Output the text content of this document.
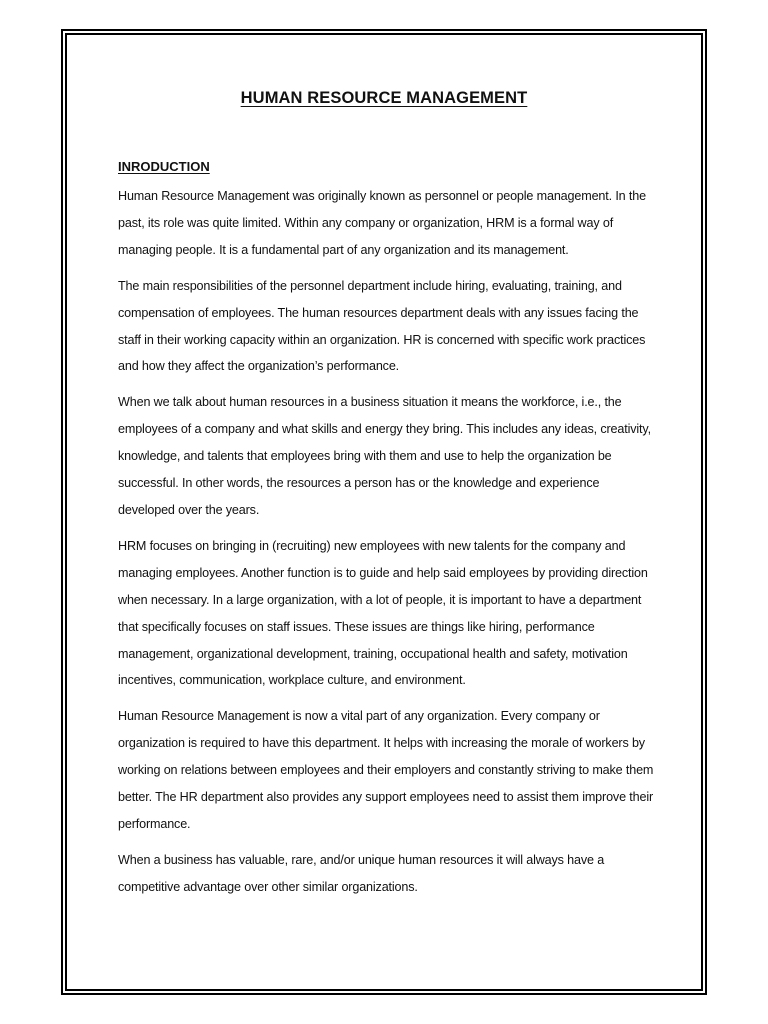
HUMAN RESOURCE MANAGEMENT
INRODUCTION

Human Resource Management was originally known as personnel or people management. In the past, its role was quite limited. Within any company or organization, HRM is a formal way of managing people. It is a fundamental part of any organization and its management.

The main responsibilities of the personnel department include hiring, evaluating, training, and compensation of employees. The human resources department deals with any issues facing the staff in their working capacity within an organization. HR is concerned with specific work practices and how they affect the organization’s performance.

When we talk about human resources in a business situation it means the workforce, i.e., the employees of a company and what skills and energy they bring. This includes any ideas, creativity, knowledge, and talents that employees bring with them and use to help the organization be successful. In other words, the resources a person has or the knowledge and experience developed over the years.

HRM focuses on bringing in (recruiting) new employees with new talents for the company and managing employees. Another function is to guide and help said employees by providing direction when necessary. In a large organization, with a lot of people, it is important to have a department that specifically focuses on staff issues. These issues are things like hiring, performance management, organizational development, training, occupational health and safety, motivation incentives, communication, workplace culture, and environment.

Human Resource Management is now a vital part of any organization. Every company or organization is required to have this department. It helps with increasing the morale of workers by working on relations between employees and their employers and constantly striving to make them better. The HR department also provides any support employees need to assist them improve their performance.

When a business has valuable, rare, and/or unique human resources it will always have a competitive advantage over other similar organizations.
